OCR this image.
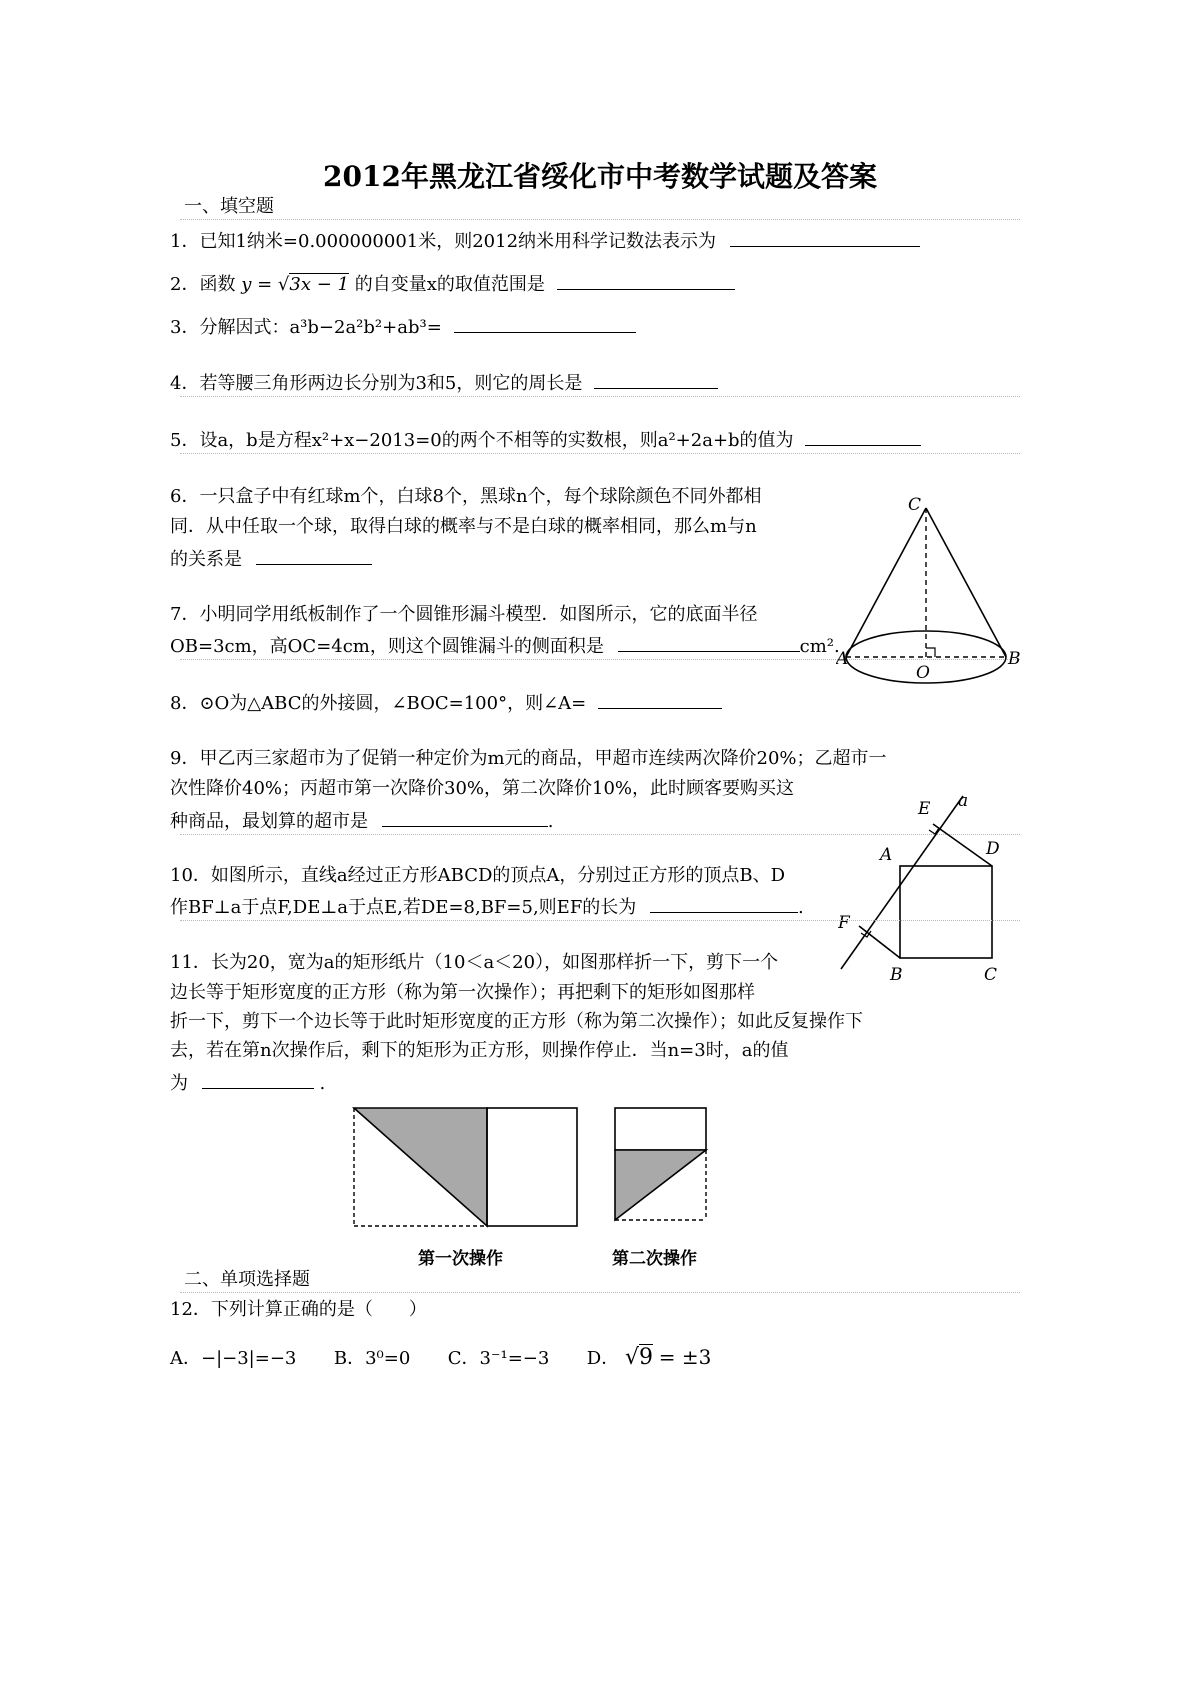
2012年黑龙江省绥化市中考数学试题及答案
一、填空题
1．已知1纳米=0.000000001米，则2012纳米用科学记数法表示为
2．函数 y = √3x − 1 的自变量x的取值范围是
3．分解因式：a³b−2a²b²+ab³=
4．若等腰三角形两边长分别为3和5，则它的周长是
5．设a，b是方程x²+x−2013=0的两个不相等的实数根，则a²+2a+b的值为
6．一只盒子中有红球m个，白球8个，黑球n个，每个球除颜色不同外都相
同．从中任取一个球，取得白球的概率与不是白球的概率相同，那么m与n
的关系是
7．小明同学用纸板制作了一个圆锥形漏斗模型．如图所示，它的底面半径
OB=3cm，高OC=4cm，则这个圆锥漏斗的侧面积是	cm².
C
A
O
B
8．⊙O为△ABC的外接圆，∠BOC=100°，则∠A=
9．甲乙丙三家超市为了促销一种定价为m元的商品，甲超市连续两次降价20%；乙超市一
次性降价40%；丙超市第一次降价30%，第二次降价10%，此时顾客要购买这
种商品，最划算的超市是	.
E a
A	D
F
B	C
10．如图所示，直线a经过正方形ABCD的顶点A，分别过正方形的顶点B、D
作BF⊥a于点F,DE⊥a于点E,若DE=8,BF=5,则EF的长为	.
11．长为20，宽为a的矩形纸片（10＜a＜20），如图那样折一下，剪下一个
边长等于矩形宽度的正方形（称为第一次操作）；再把剩下的矩形如图那样
折一下，剪下一个边长等于此时矩形宽度的正方形（称为第二次操作）；如此反复操作下
去，若在第n次操作后，剩下的矩形为正方形，则操作停止．当n=3时，a的值
为	.
第一次操作	第二次操作
二、单项选择题
12．下列计算正确的是（　　）
A．−|−3|=−3 B．3⁰=0 C．3⁻¹=−3 D． √9 = ±3
